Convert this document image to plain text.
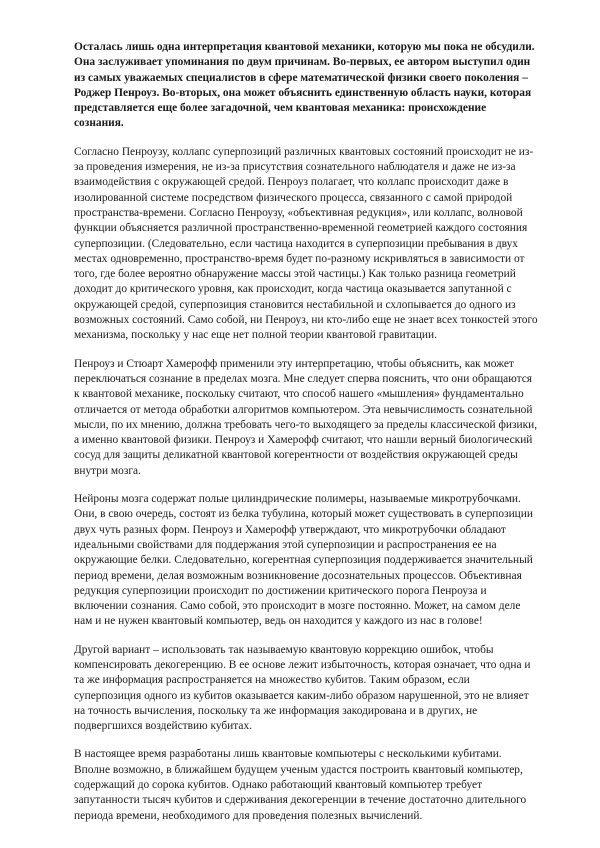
Осталась лишь одна интерпретация квантовой механики, которую мы пока не обсудили. Она заслуживает упоминания по двум причинам. Во-первых, ее автором выступил один из самых уважаемых специалистов в сфере математической физики своего поколения – Роджер Пенроуз. Во-вторых, она может объяснить единственную область науки, которая представляется еще более загадочной, чем квантовая механика: происхождение сознания.

Согласно Пенроузу, коллапс суперпозиций различных квантовых состояний происходит не из-за проведения измерения, не из-за присутствия сознательного наблюдателя и даже не из-за взаимодействия с окружающей средой. Пенроуз полагает, что коллапс происходит даже в изолированной системе посредством физического процесса, связанного с самой природой пространства-времени. Согласно Пенроузу, «объективная редукция», или коллапс, волновой функции объясняется различной пространственно-временной геометрией каждого состояния суперпозиции. (Следовательно, если частица находится в суперпозиции пребывания в двух местах одновременно, пространство-время будет по-разному искривляться в зависимости от того, где более вероятно обнаружение массы этой частицы.) Как только разница геометрий доходит до критического уровня, как происходит, когда частица оказывается запутанной с окружающей средой, суперпозиция становится нестабильной и схлопывается до одного из возможных состояний. Само собой, ни Пенроуз, ни кто-либо еще не знает всех тонкостей этого механизма, поскольку у нас еще нет полной теории квантовой гравитации.

Пенроуз и Стюарт Хамерофф применили эту интерпретацию, чтобы объяснить, как может переключаться сознание в пределах мозга. Мне следует сперва пояснить, что они обращаются к квантовой механике, поскольку считают, что способ нашего «мышления» фундаментально отличается от метода обработки алгоритмов компьютером. Эта невычислимость сознательной мысли, по их мнению, должна требовать чего-то выходящего за пределы классической физики, а именно квантовой физики. Пенроуз и Хамерофф считают, что нашли верный биологический сосуд для защиты деликатной квантовой когерентности от воздействия окружающей среды внутри мозга.

Нейроны мозга содержат полые цилиндрические полимеры, называемые микротрубочками. Они, в свою очередь, состоят из белка тубулина, который может существовать в суперпозиции двух чуть разных форм. Пенроуз и Хамерофф утверждают, что микротрубочки обладают идеальными свойствами для поддержания этой суперпозиции и распространения ее на окружающие белки. Следовательно, когерентная суперпозиция поддерживается значительный период времени, делая возможным возникновение досознательных процессов. Объективная редукция суперпозиции происходит по достижении критического порога Пенроуза и включении сознания. Само собой, это происходит в мозге постоянно. Может, на самом деле нам и не нужен квантовый компьютер, ведь он находится у каждого из нас в голове!

Другой вариант – использовать так называемую квантовую коррекцию ошибок, чтобы компенсировать декогеренцию. В ее основе лежит избыточность, которая означает, что одна и та же информация распространяется на множество кубитов. Таким образом, если суперпозиция одного из кубитов оказывается каким-либо образом нарушенной, это не влияет на точность вычисления, поскольку та же информация закодирована и в других, не подвергшихся воздействию кубитах.

В настоящее время разработаны лишь квантовые компьютеры с несколькими кубитами. Вполне возможно, в ближайшем будущем ученым удастся построить квантовый компьютер, содержащий до сорока кубитов. Однако работающий квантовый компьютер требует запутанности тысяч кубитов и сдерживания декогеренции в течение достаточно длительного периода времени, необходимого для проведения полезных вычислений.
